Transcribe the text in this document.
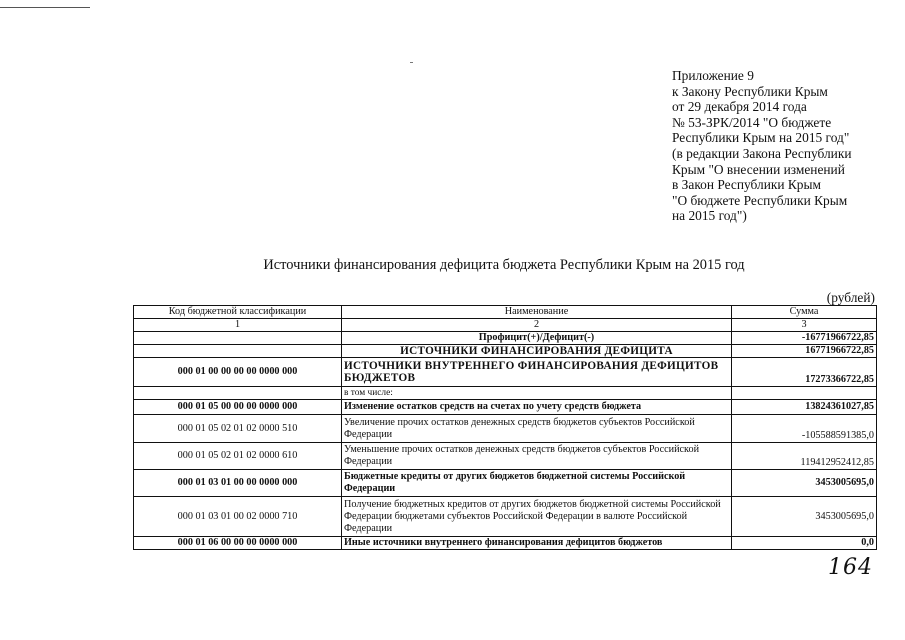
Приложение 9
к Закону Республики Крым
от 29 декабря 2014 года
№ 53-ЗРК/2014 "О бюджете
Республики Крым на 2015 год"
(в редакции Закона Республики
Крым "О внесении изменений
в Закон Республики Крым
"О бюджете Республики Крым
на 2015 год")
Источники финансирования дефицита бюджета Республики Крым на 2015 год
(рублей)
Код бюджетной классификации	Наименование	Сумма
1	2	3
	Профицит(+)/Дефицит(-)	-16771966722,85
	ИСТОЧНИКИ ФИНАНСИРОВАНИЯ ДЕФИЦИТА	16771966722,85
000 01 00 00 00 00 0000 000	ИСТОЧНИКИ ВНУТРЕННЕГО ФИНАНСИРОВАНИЯ ДЕФИЦИТОВ БЮДЖЕТОВ	17273366722,85
	в том числе:	
000 01 05 00 00 00 0000 000	Изменение остатков средств на счетах по учету средств бюджета	13824361027,85
000 01 05 02 01 02 0000 510	Увеличение прочих остатков денежных средств бюджетов субъектов Российской Федерации	-105588591385,0
000 01 05 02 01 02 0000 610	Уменьшение прочих остатков денежных средств бюджетов субъектов Российской Федерации	119412952412,85
000 01 03 01 00 00 0000 000	Бюджетные кредиты от других бюджетов бюджетной системы Российской Федерации	3453005695,0
000 01 03 01 00 02 0000 710	Получение бюджетных кредитов от других бюджетов бюджетной системы Российской Федерации бюджетами субъектов Российской Федерации в валюте Российской Федерации	3453005695,0
000 01 06 00 00 00 0000 000	Иные источники внутреннего финансирования дефицитов бюджетов	0,0
164
